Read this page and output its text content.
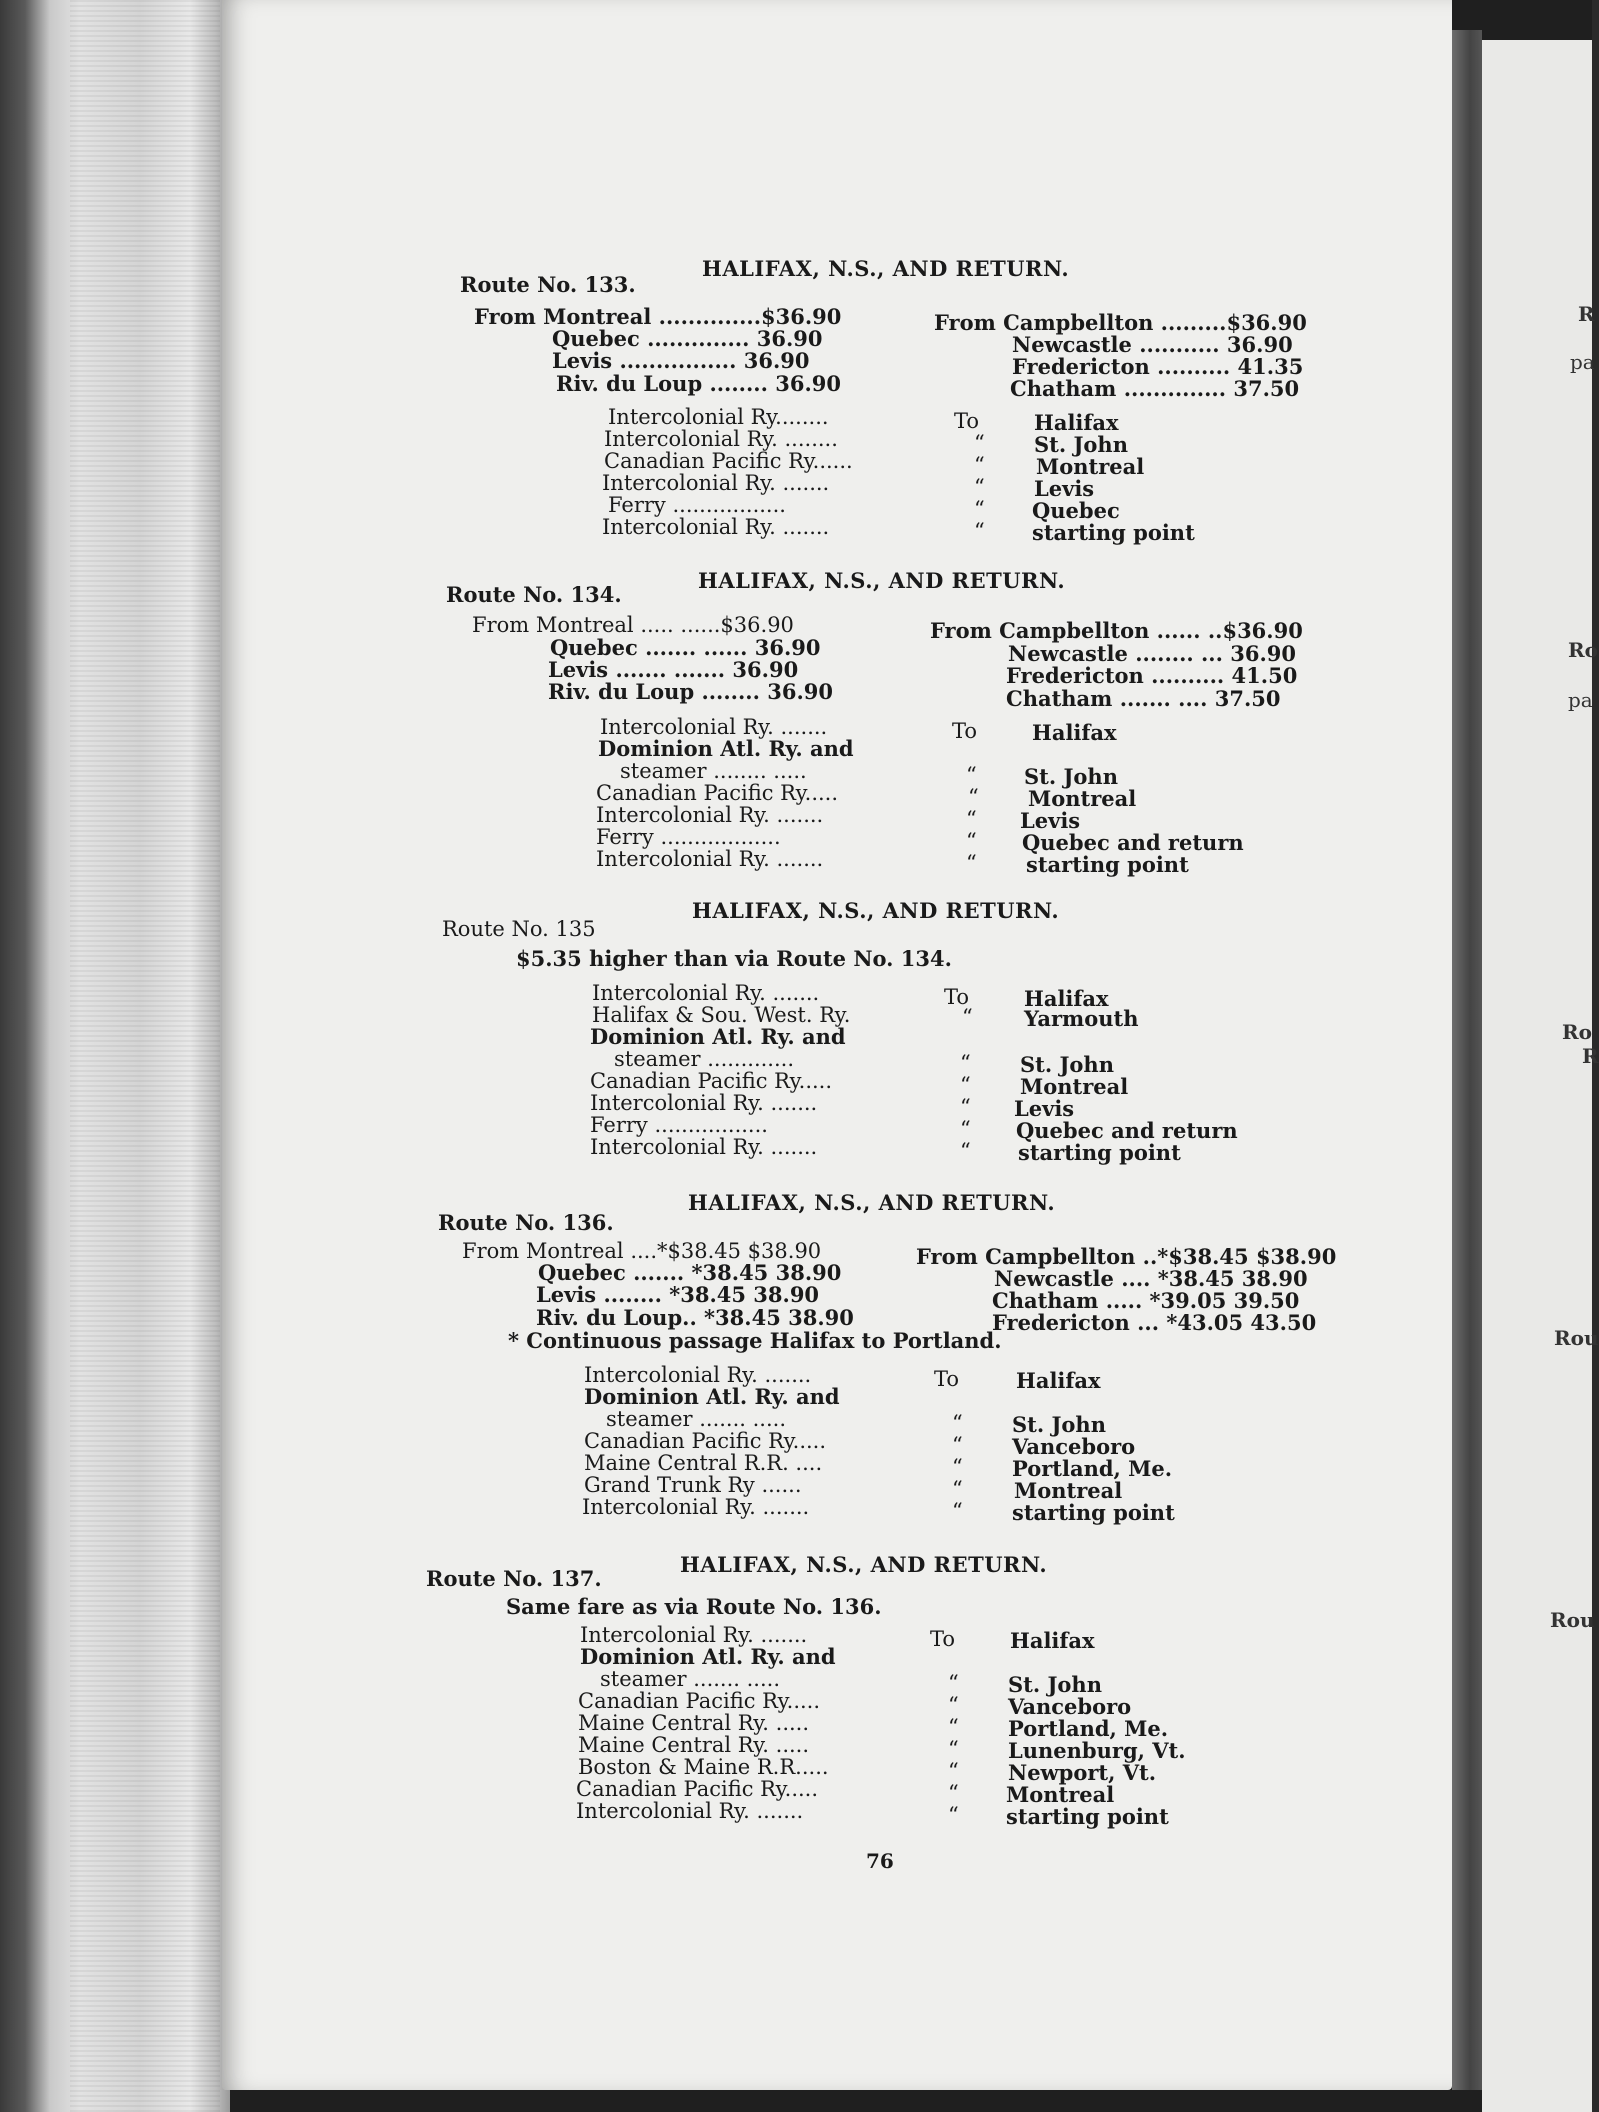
R
pa
Ro
pa
Ro
R
Rou
Rou
HALIFAX, N.S., AND RETURN.
Route No. 133.
From Montreal ..............$36.90
Quebec .............. 36.90
Levis ................ 36.90
Riv. du Loup ........ 36.90
From Campbellton .........$36.90
Newcastle ........... 36.90
Fredericton .......... 41.35
Chatham .............. 37.50
Intercolonial Ry........	To	Halifax
Intercolonial Ry. ........	“ St. John
Canadian Pacific Ry......	“ Montreal
Intercolonial Ry. .......	“ Levis
Ferry .................	“ Quebec
Intercolonial Ry. .......	“ starting point
HALIFAX, N.S., AND RETURN.
Route No. 134.
From Montreal ..... ......$36.90
Quebec ....... ...... 36.90
Levis ....... ....... 36.90
Riv. du Loup ........ 36.90
From Campbellton ...... ..$36.90
Newcastle ........ ... 36.90
Fredericton .......... 41.50
Chatham ....... .... 37.50
Intercolonial Ry. .......	To	Halifax
Dominion Atl. Ry. and
steamer ........ .....	“ St. John
Canadian Pacific Ry.....	“ Montreal
Intercolonial Ry. .......	“ Levis
Ferry ..................	“ Quebec and return
Intercolonial Ry. .......	“ starting point
HALIFAX, N.S., AND RETURN.
Route No. 135
$5.35 higher than via Route No. 134.
Intercolonial Ry. .......	To	Halifax
Halifax & Sou. West. Ry.	“ Yarmouth
Dominion Atl. Ry. and
steamer .............	“ St. John
Canadian Pacific Ry.....	“ Montreal
Intercolonial Ry. .......	“ Levis
Ferry .................	“ Quebec and return
Intercolonial Ry. .......	“ starting point
HALIFAX, N.S., AND RETURN.
Route No. 136.
From Montreal ....*$38.45 $38.90
Quebec ....... *38.45 38.90
Levis ........ *38.45 38.90
Riv. du Loup.. *38.45 38.90
From Campbellton ..*$38.45 $38.90
Newcastle .... *38.45 38.90
Chatham ..... *39.05 39.50
Fredericton ... *43.05 43.50
* Continuous passage Halifax to Portland.
Intercolonial Ry. .......	To	Halifax
Dominion Atl. Ry. and
steamer ....... .....	“ St. John
Canadian Pacific Ry.....	“ Vanceboro
Maine Central R.R. ....	“ Portland, Me.
Grand Trunk Ry ......	“ Montreal
Intercolonial Ry. .......	“ starting point
HALIFAX, N.S., AND RETURN.
Route No. 137.
Same fare as via Route No. 136.
Intercolonial Ry. .......	To	Halifax
Dominion Atl. Ry. and
steamer ....... .....	“ St. John
Canadian Pacific Ry.....	“ Vanceboro
Maine Central Ry. .....	“ Portland, Me.
Maine Central Ry. .....	“ Lunenburg, Vt.
Boston & Maine R.R.....	“ Newport, Vt.
Canadian Pacific Ry.....	“ Montreal
Intercolonial Ry. .......	“ starting point
76
